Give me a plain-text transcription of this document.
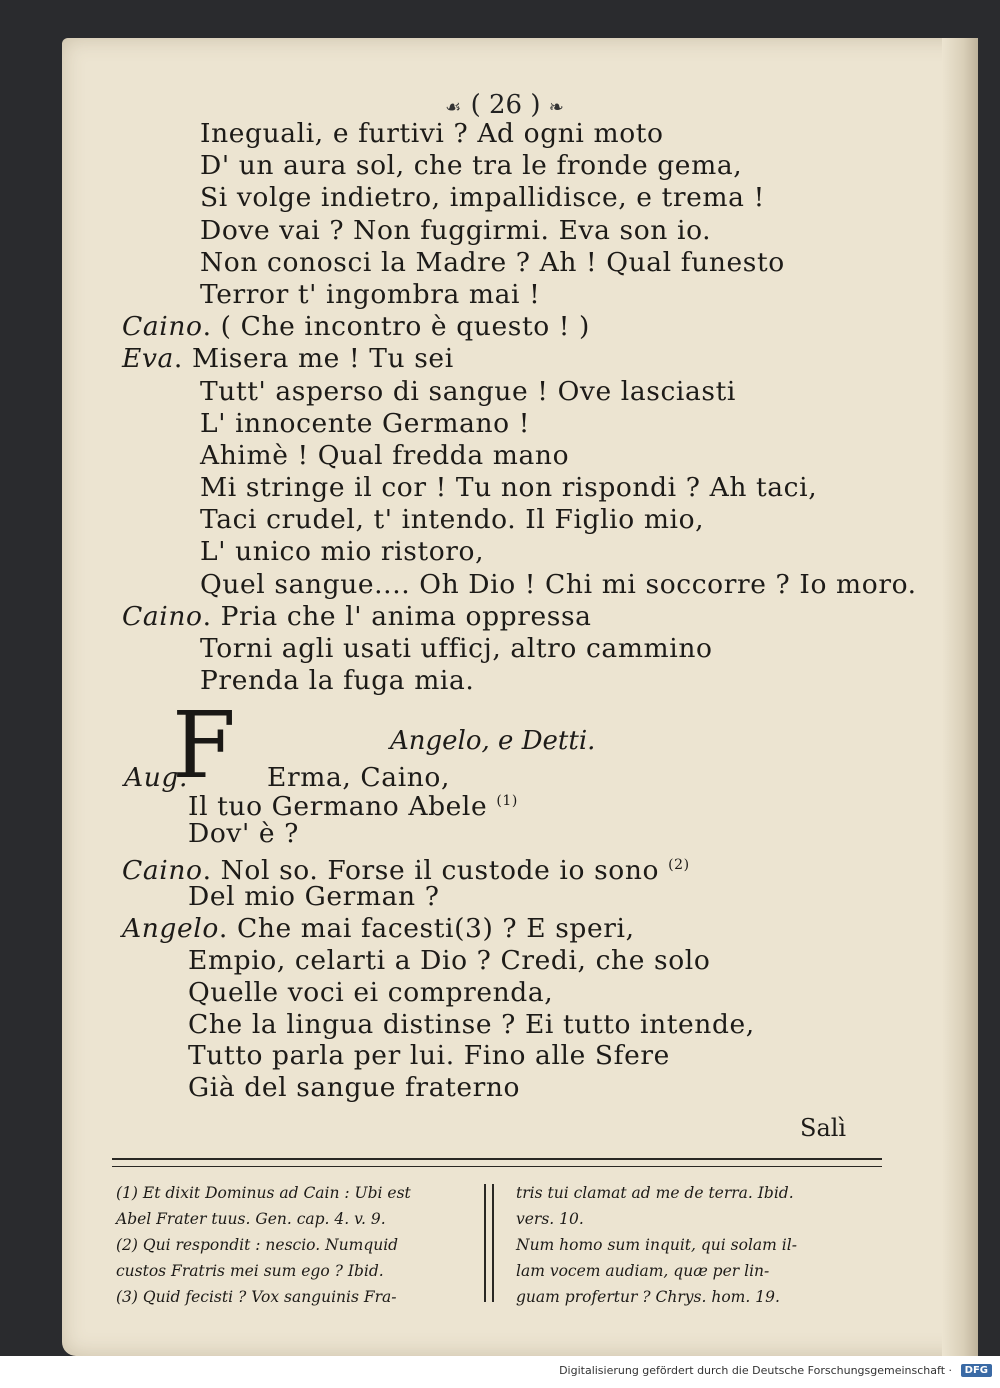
☙ ( 26 ) ❧
Ineguali, e furtivi ? Ad ogni moto
D' un aura sol, che tra le fronde gema,
Si volge indietro, impallidisce, e trema !
Dove vai ? Non fuggirmi. Eva son io.
Non conosci la Madre ? Ah ! Qual funesto
Terror t' ingombra mai !
Caino. ( Che incontro è questo ! )
Eva. Misera me ! Tu sei
Tutt' asperso di sangue ! Ove lasciasti
L' innocente Germano !
Ahimè ! Qual fredda mano
Mi stringe il cor ! Tu non rispondi ? Ah taci,
Taci crudel, t' intendo. Il Figlio mio,
L' unico mio ristoro,
Quel sangue.... Oh Dio ! Chi mi soccorre ? Io moro.
Caino. Pria che l' anima oppressa
Torni agli usati ufficj, altro cammino
Prenda la fuga mia.
Angelo, e Detti.
F
Aug.	Erma, Caino,
Il tuo Germano Abele $^{(1)}$
Dov' è ?
Caino. Nol so. Forse il custode io sono $^{(2)}$
Del mio German ?
Angelo. Che mai facesti(3) ? E speri,
Empio, celarti a Dio ? Credi, che solo
Quelle voci ei comprenda,
Che la lingua distinse ? Ei tutto intende,
Tutto parla per lui. Fino alle Sfere
Già del sangue fraterno
Salì
(1) Et dixit Dominus ad Cain : Ubi est
Abel Frater tuus. Gen. cap. 4. v. 9.
(2) Qui respondit : nescio. Numquid
custos Fratris mei sum ego ? Ibid.
(3) Quid fecisti ? Vox sanguinis Fra-
tris tui clamat ad me de terra. Ibid.
vers. 10.
Num homo sum inquit, qui solam il-
lam vocem audiam, quæ per lin-
guam profertur ? Chrys. hom. 19.
Digitalisierung gefördert durch die Deutsche Forschungsgemeinschaft ·	DFG
